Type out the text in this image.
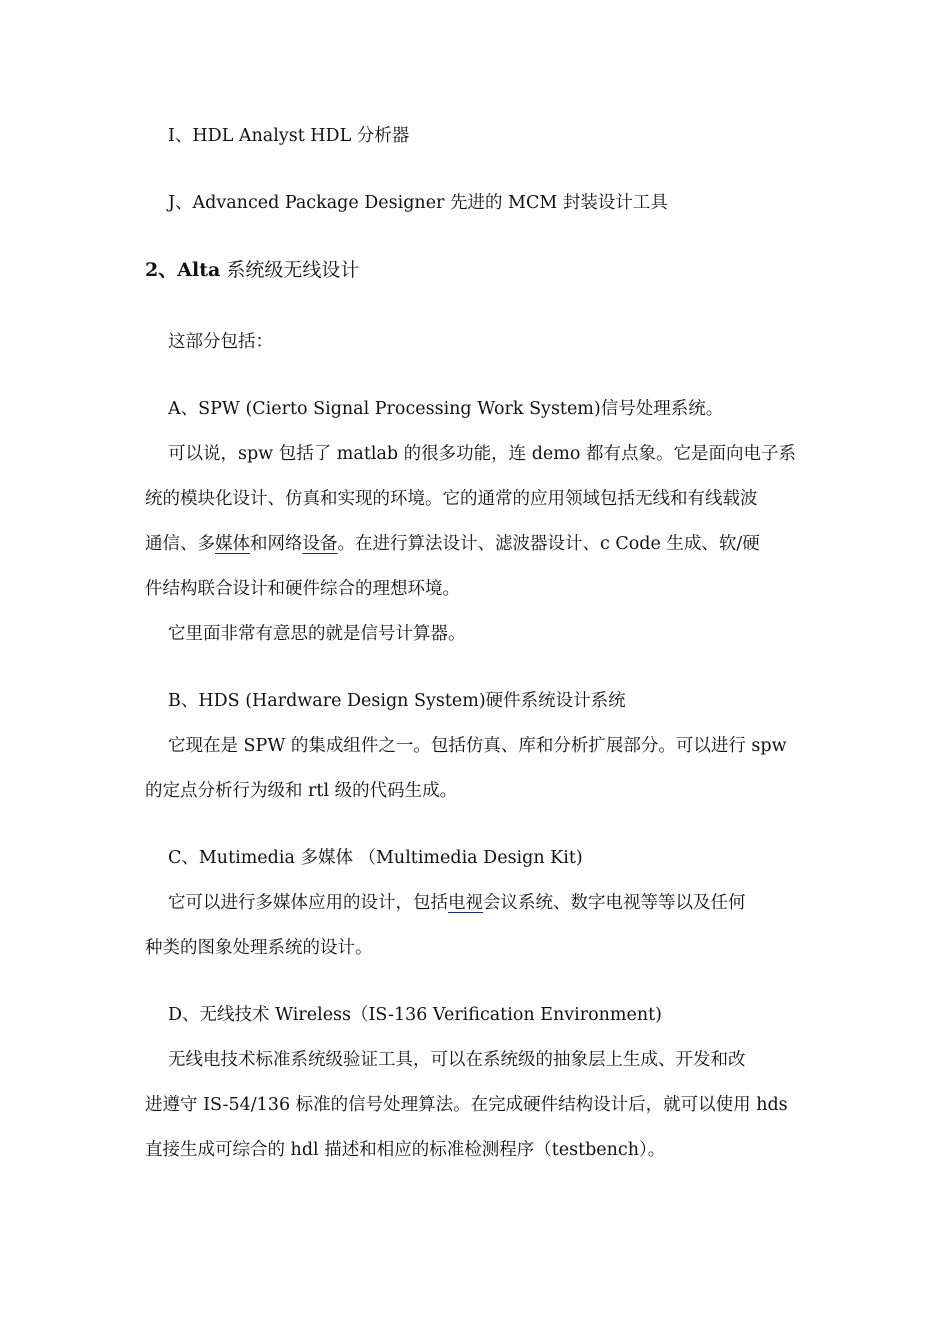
I、HDL Analyst HDL 分析器
J、Advanced Package Designer 先进的 MCM 封装设计工具
2、Alta 系统级无线设计
这部分包括：
A、SPW (Cierto Signal Processing Work System)信号处理系统。
可以说，spw 包括了 matlab 的很多功能，连 demo 都有点象。它是面向电子系
统的模块化设计、仿真和实现的环境。它的通常的应用领域包括无线和有线载波
通信、多媒体和网络设备。在进行算法设计、滤波器设计、c Code 生成、软/硬
件结构联合设计和硬件综合的理想环境。
它里面非常有意思的就是信号计算器。
B、HDS (Hardware Design System)硬件系统设计系统
它现在是 SPW 的集成组件之一。包括仿真、库和分析扩展部分。可以进行 spw
的定点分析行为级和 rtl 级的代码生成。
C、Mutimedia 多媒体 （Multimedia Design Kit)
它可以进行多媒体应用的设计，包括电视会议系统、数字电视等等以及任何
种类的图象处理系统的设计。
D、无线技术 Wireless（IS-136 Verification Environment)
无线电技术标准系统级验证工具，可以在系统级的抽象层上生成、开发和改
进遵守 IS-54/136 标准的信号处理算法。在完成硬件结构设计后，就可以使用 hds
直接生成可综合的 hdl 描述和相应的标准检测程序（testbench）。
